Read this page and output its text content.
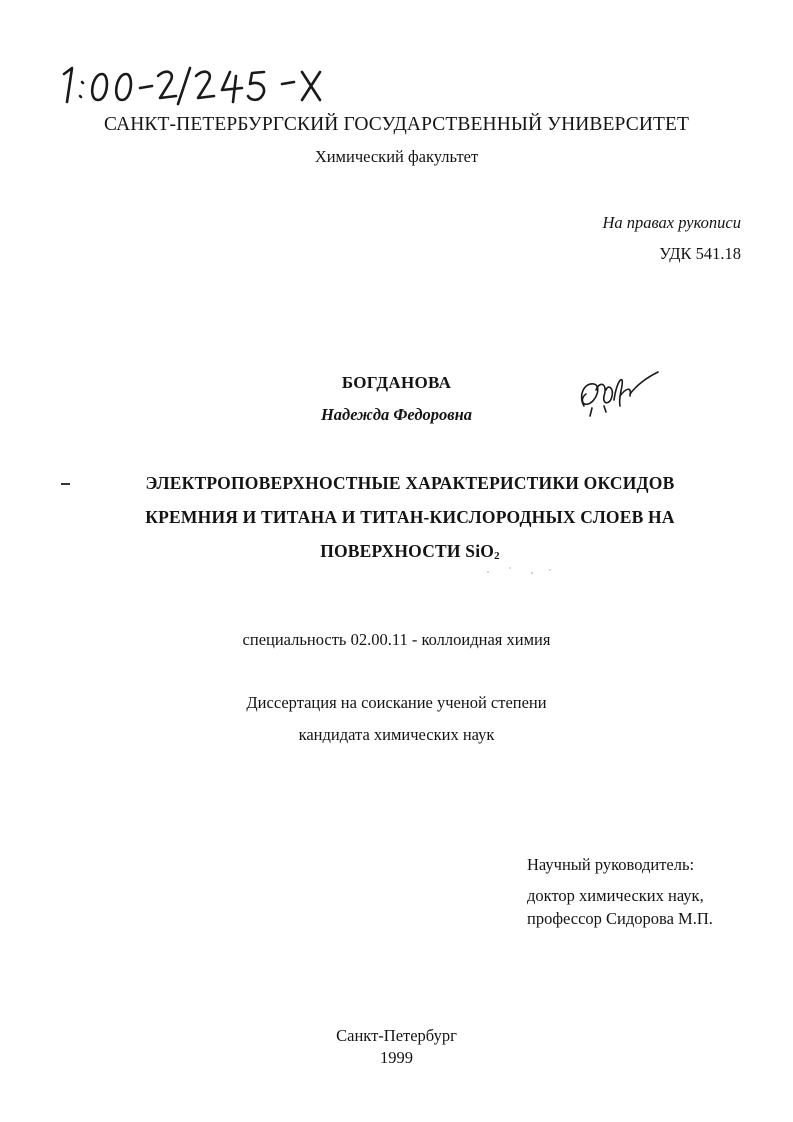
САНКТ-ПЕТЕРБУРГСКИЙ ГОСУДАРСТВЕННЫЙ УНИВЕРСИТЕТ
Химический факультет
На правах рукописи
УДК 541.18
БОГДАНОВА
Надежда Федоровна
ЭЛЕКТРОПОВЕРХНОСТНЫЕ ХАРАКТЕРИСТИКИ ОКСИДОВ
КРЕМНИЯ И ТИТАНА И ТИТАН-КИСЛОРОДНЫХ СЛОЕВ НА
ПОВЕРХНОСТИ SiO$_2$
специальность 02.00.11 - коллоидная химия
Диссертация на соискание ученой степени
кандидата химических наук
Научный руководитель:
доктор химических наук,
профессор Сидорова М.П.
Санкт-Петербург
1999
